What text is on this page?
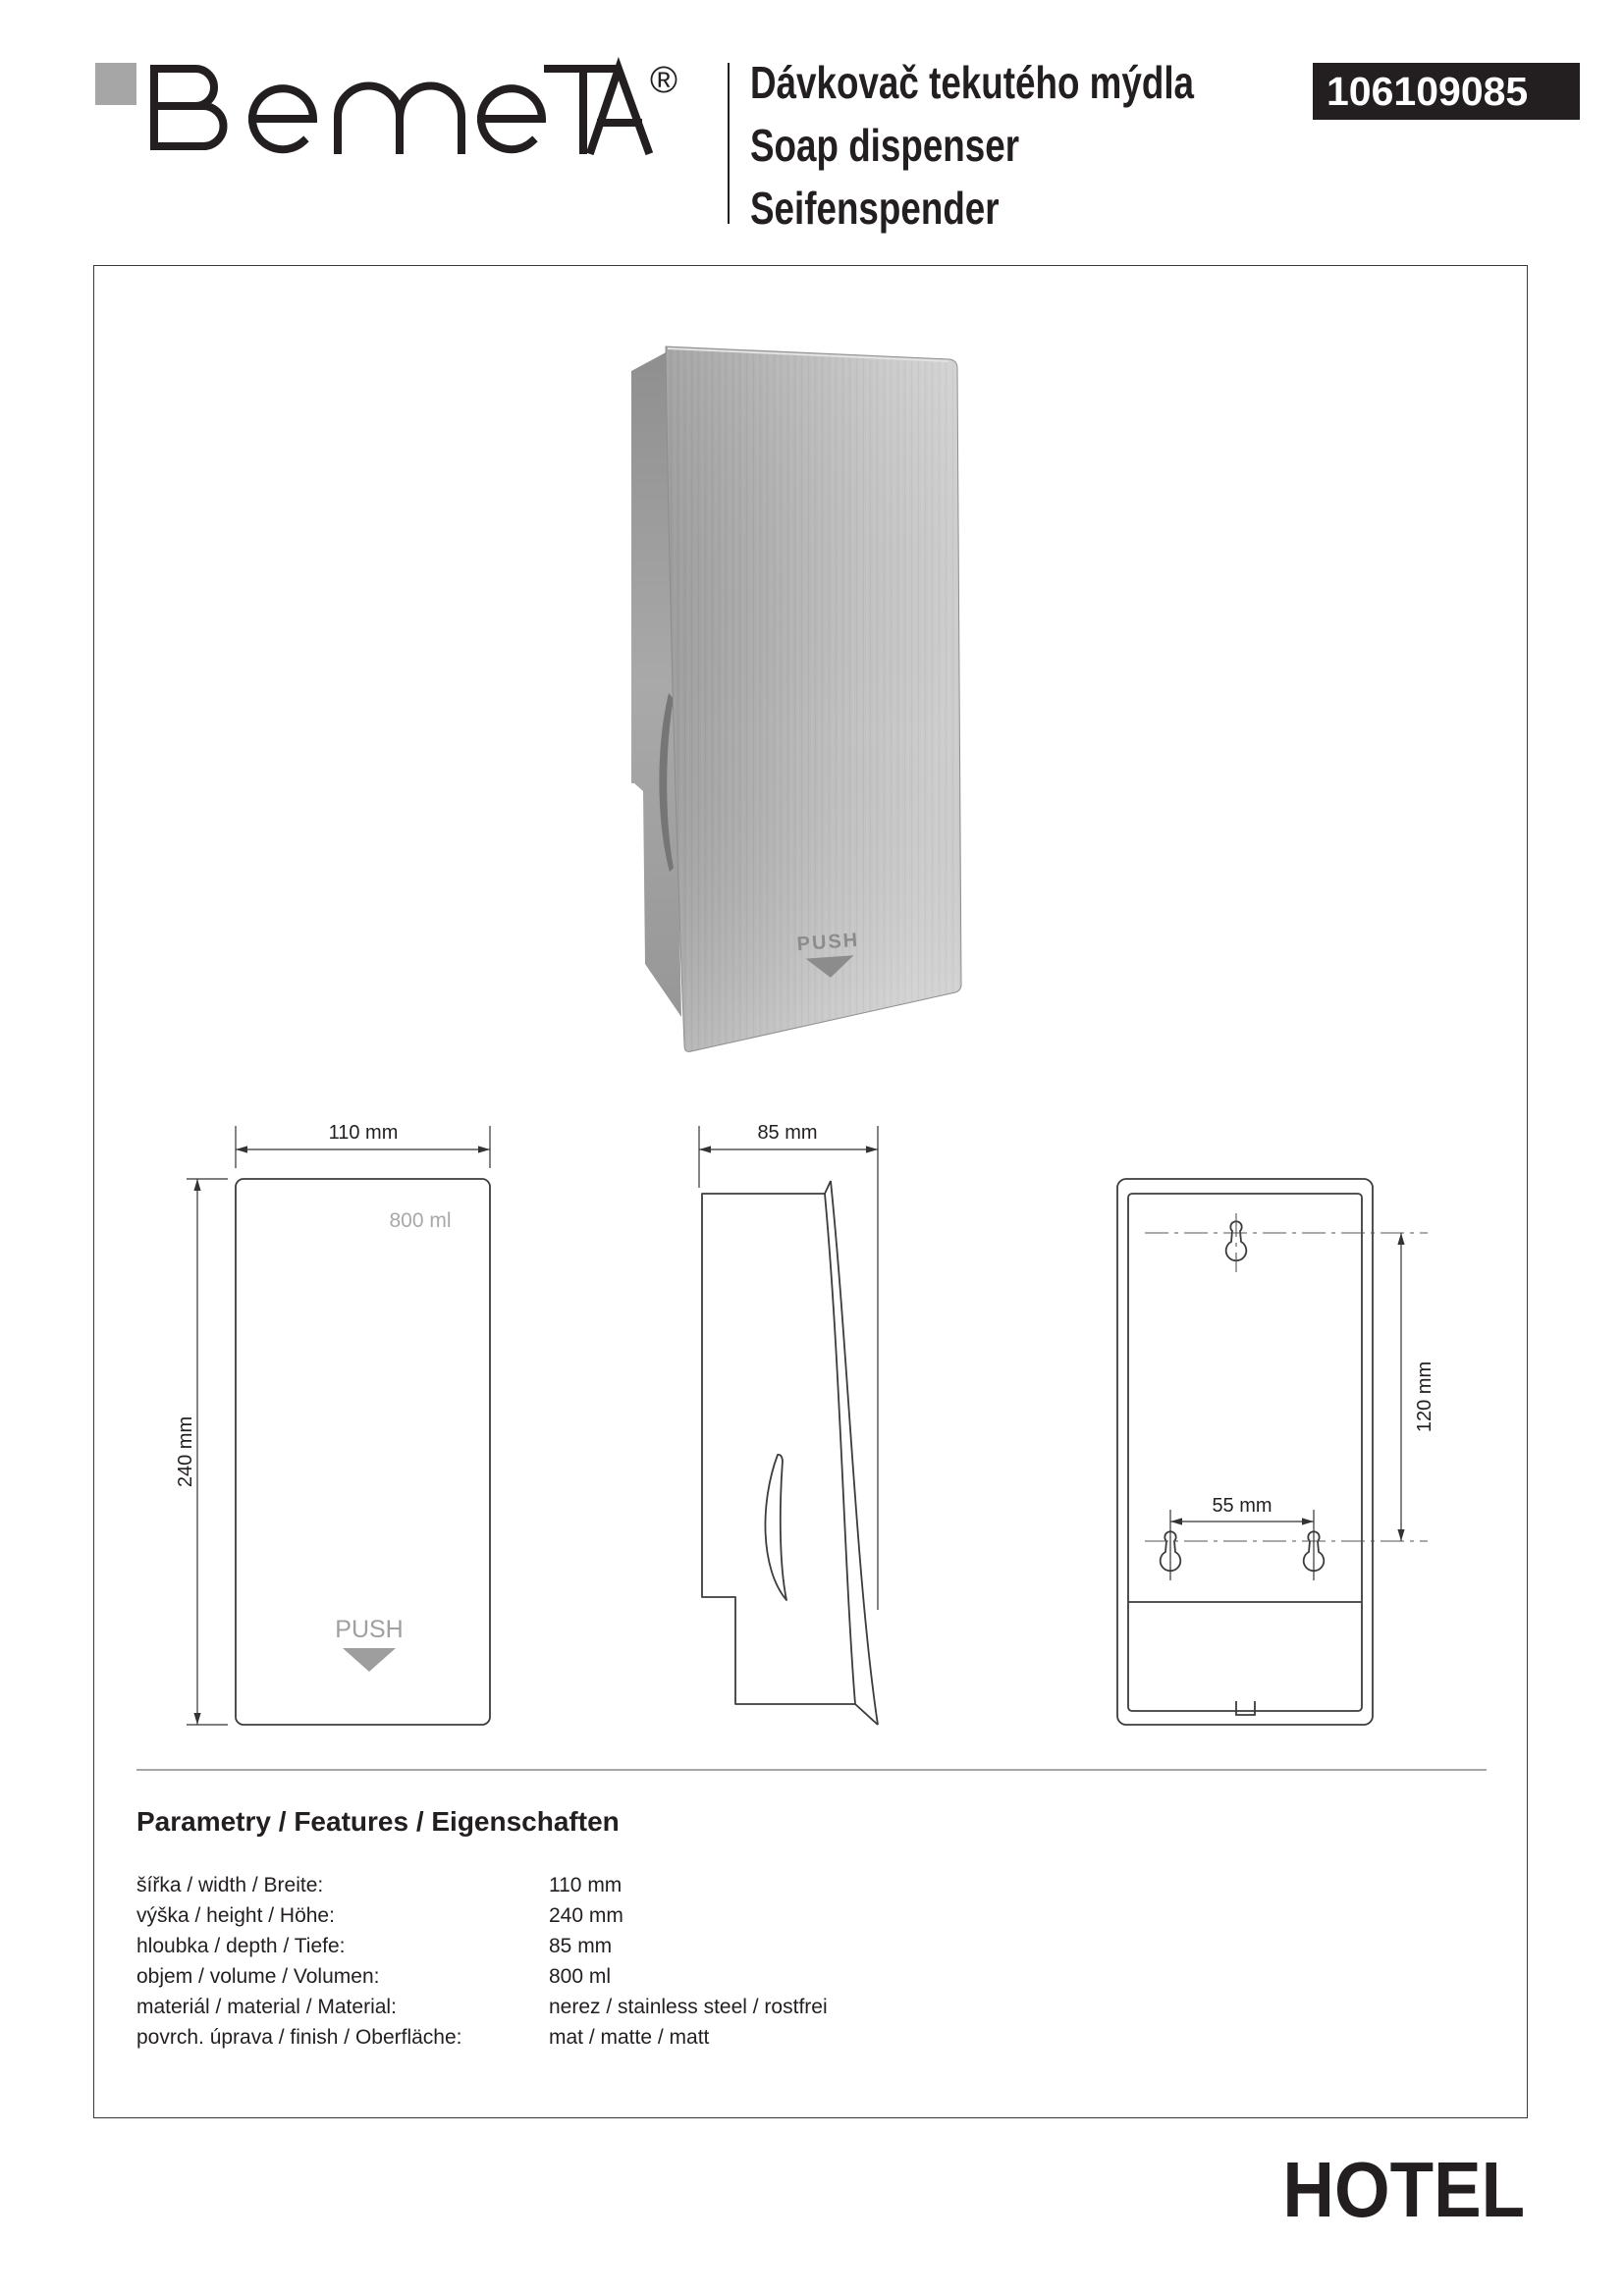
®
PUSH
110 mm
240 mm
800 ml
PUSH
85 mm
55 mm
120 mm
Dávkovač tekutého mýdla
Soap dispenser
Seifenspender
106109085
Parametry / Features / Eigenschaften
šířka / width / Breite:	110 mm
výška / height / Höhe:	240 mm
hloubka / depth / Tiefe:	85 mm
objem / volume / Volumen:	800 ml
materiál / material / Material:	nerez / stainless steel / rostfrei
povrch. úprava / finish / Oberfläche:	mat / matte / matt
HOTEL
